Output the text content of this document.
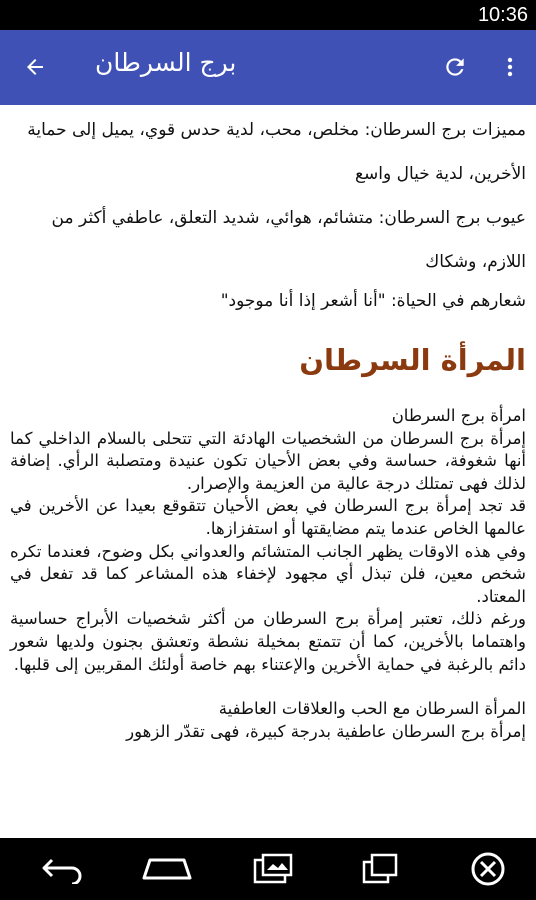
10:36
برج السرطان

مميزات برج السرطان: مخلص، محب، لدية حدس قوي، يميل إلى حماية الأخرين، لدية خيال واسع

عيوب برج السرطان: متشائم، هوائي، شديد التعلق، عاطفي أكثر من اللازم، وشكاك

شعارهم في الحياة: "أنا أشعر إذا أنا موجود"

المرأة السرطان
امرأة برج السرطان
إمرأة برج السرطان من الشخصيات الهادئة التي تتحلى بالسلام الداخلي كما أنها شغوفة، حساسة وفي بعض الأحيان تكون عنيدة ومتصلبة الرأي. إضافة لذلك فهى تمتلك درجة عالية من العزيمة والإصرار.
قد تجد إمرأة برج السرطان في بعض الأحيان تتقوقع بعيدا عن الأخرين في عالمها الخاص عندما يتم مضايقتها أو استفزازها.
وفي هذه الاوقات يظهر الجانب المتشائم والعدواني بكل وضوح، فعندما تكره شخص معين، فلن تبذل أي مجهود لإخفاء هذه المشاعر كما قد تفعل في المعتاد.
ورغم ذلك، تعتبر إمرأة برج السرطان من أكثر شخصيات الأبراج حساسية واهتماما بالأخرين، كما أن تتمتع بمخيلة نشطة وتعشق بجنون ولديها شعور دائم بالرغبة في حماية الأخرين والإعتناء بهم خاصة أولئك المقربين إلى قلبها.
المرأة السرطان مع الحب والعلاقات العاطفية
إمرأة برج السرطان عاطفية بدرجة كبيرة، فهى تقدّر الزهور
